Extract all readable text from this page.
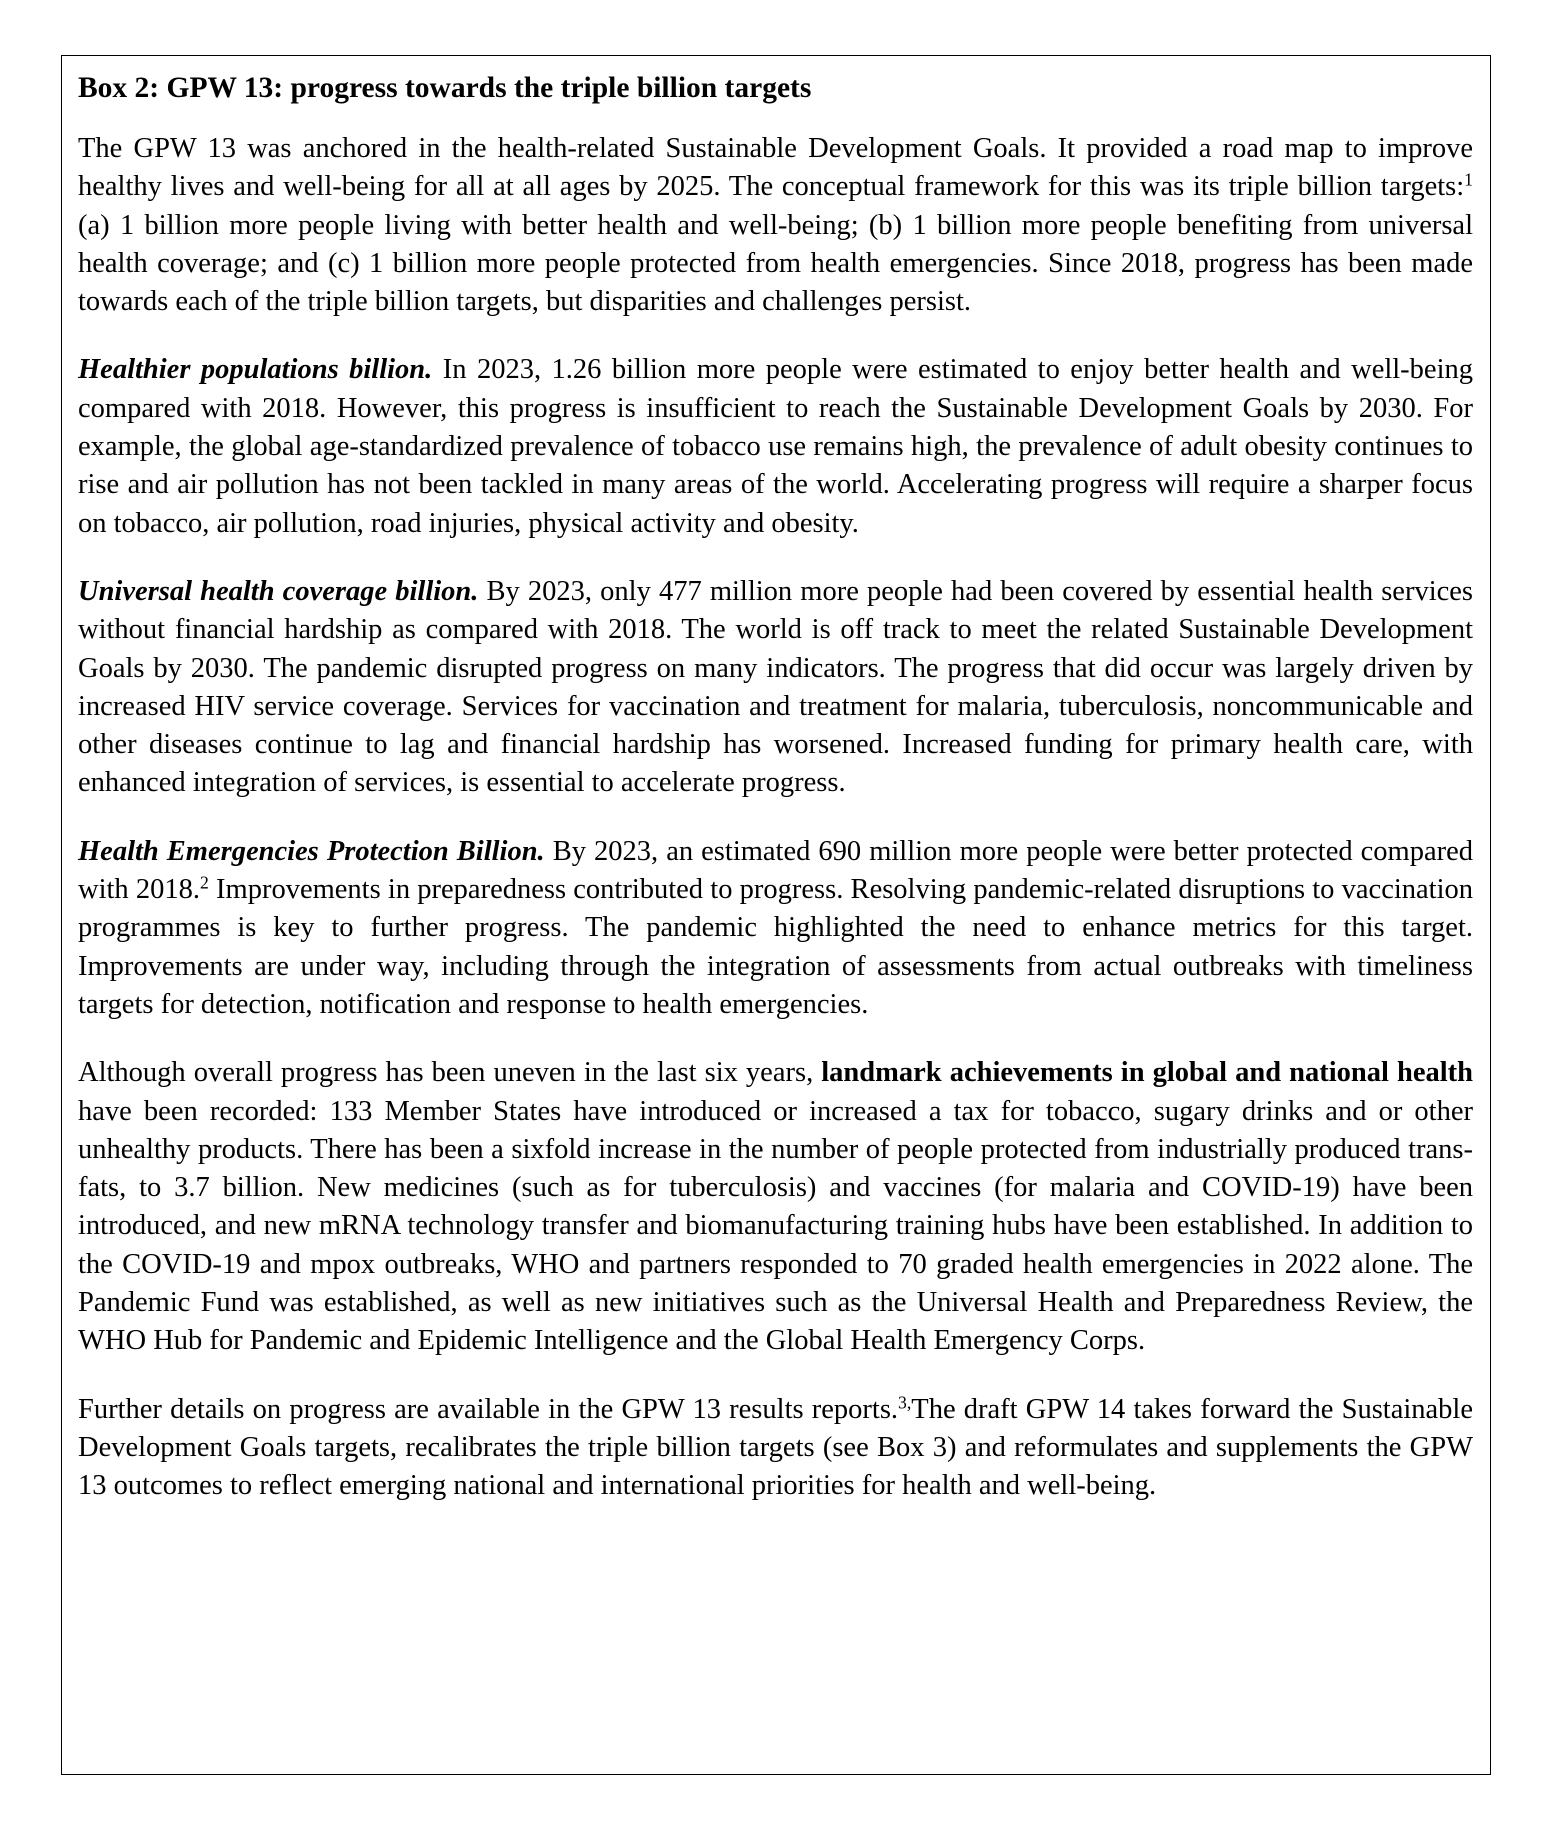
Box 2: GPW 13: progress towards the triple billion targets

The GPW 13 was anchored in the health-related Sustainable Development Goals. It provided a road map to improve healthy lives and well-being for all at all ages by 2025. The conceptual framework for this was its triple billion targets:$^1$ (a) 1 billion more people living with better health and well-being; (b) 1 billion more people benefiting from universal health coverage; and (c) 1 billion more people protected from health emergencies. Since 2018, progress has been made towards each of the triple billion targets, but disparities and challenges persist.

Healthier populations billion. In 2023, 1.26 billion more people were estimated to enjoy better health and well-being compared with 2018. However, this progress is insufficient to reach the Sustainable Development Goals by 2030. For example, the global age-standardized prevalence of tobacco use remains high, the prevalence of adult obesity continues to rise and air pollution has not been tackled in many areas of the world. Accelerating progress will require a sharper focus on tobacco, air pollution, road injuries, physical activity and obesity.

Universal health coverage billion. By 2023, only 477 million more people had been covered by essential health services without financial hardship as compared with 2018. The world is off track to meet the related Sustainable Development Goals by 2030. The pandemic disrupted progress on many indicators. The progress that did occur was largely driven by increased HIV service coverage. Services for vaccination and treatment for malaria, tuberculosis, noncommunicable and other diseases continue to lag and financial hardship has worsened. Increased funding for primary health care, with enhanced integration of services, is essential to accelerate progress.

Health Emergencies Protection Billion. By 2023, an estimated 690 million more people were better protected compared with 2018.$^2$ Improvements in preparedness contributed to progress. Resolving pandemic-related disruptions to vaccination programmes is key to further progress. The pandemic highlighted the need to enhance metrics for this target. Improvements are under way, including through the integration of assessments from actual outbreaks with timeliness targets for detection, notification and response to health emergencies.

Although overall progress has been uneven in the last six years, landmark achievements in global and national health have been recorded: 133 Member States have introduced or increased a tax for tobacco, sugary drinks and or other unhealthy products. There has been a sixfold increase in the number of people protected from industrially produced trans-fats, to 3.7 billion. New medicines (such as for tuberculosis) and vaccines (for malaria and COVID-19) have been introduced, and new mRNA technology transfer and biomanufacturing training hubs have been established. In addition to the COVID-19 and mpox outbreaks, WHO and partners responded to 70 graded health emergencies in 2022 alone. The Pandemic Fund was established, as well as new initiatives such as the Universal Health and Preparedness Review, the WHO Hub for Pandemic and Epidemic Intelligence and the Global Health Emergency Corps.

Further details on progress are available in the GPW 13 results reports.$^{3,}$The draft GPW 14 takes forward the Sustainable Development Goals targets, recalibrates the triple billion targets (see Box 3) and reformulates and supplements the GPW 13 outcomes to reflect emerging national and international priorities for health and well-being.
